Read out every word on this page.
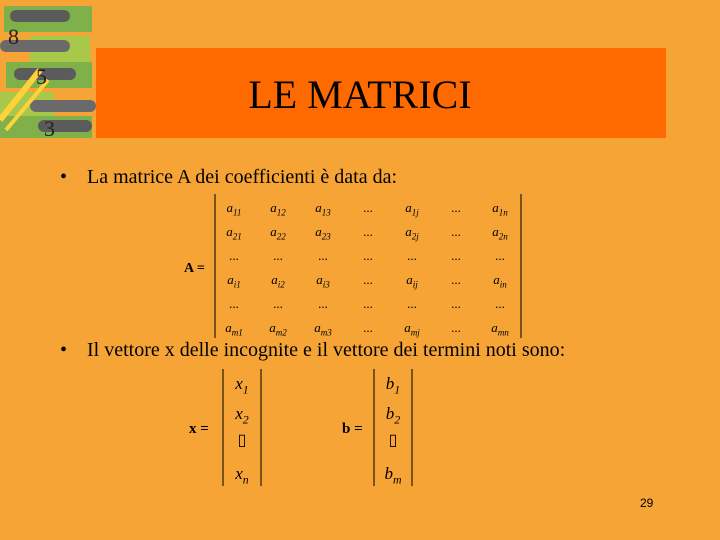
8
5
3
LE MATRICI
• La matrice A dei coefficienti è data da:
A =
$a_{11}$ $a_{12}$ $a_{13}$ ... $a_{1j}$ ... $a_{1n}$
$a_{21}$ $a_{22}$ $a_{23}$ ... $a_{2j}$ ... $a_{2n}$
...	...	...	...	...	...	...
$a_{i1}$ $a_{i2}$ $a_{i3}$	...	$a_{ij}$	... $a_{in}$
...	...	...	...	...	...	...
$a_{m1}$ $a_{m2}$ $a_{m3}$ ... $a_{mj}$ ... $a_{mn}$
• Il vettore x delle incognite e il vettore dei termini noti sono:
x =
$x_1$
$x_2$
▯
$x_n$
b =
$b_1$
$b_2$
▯
$b_m$
29
